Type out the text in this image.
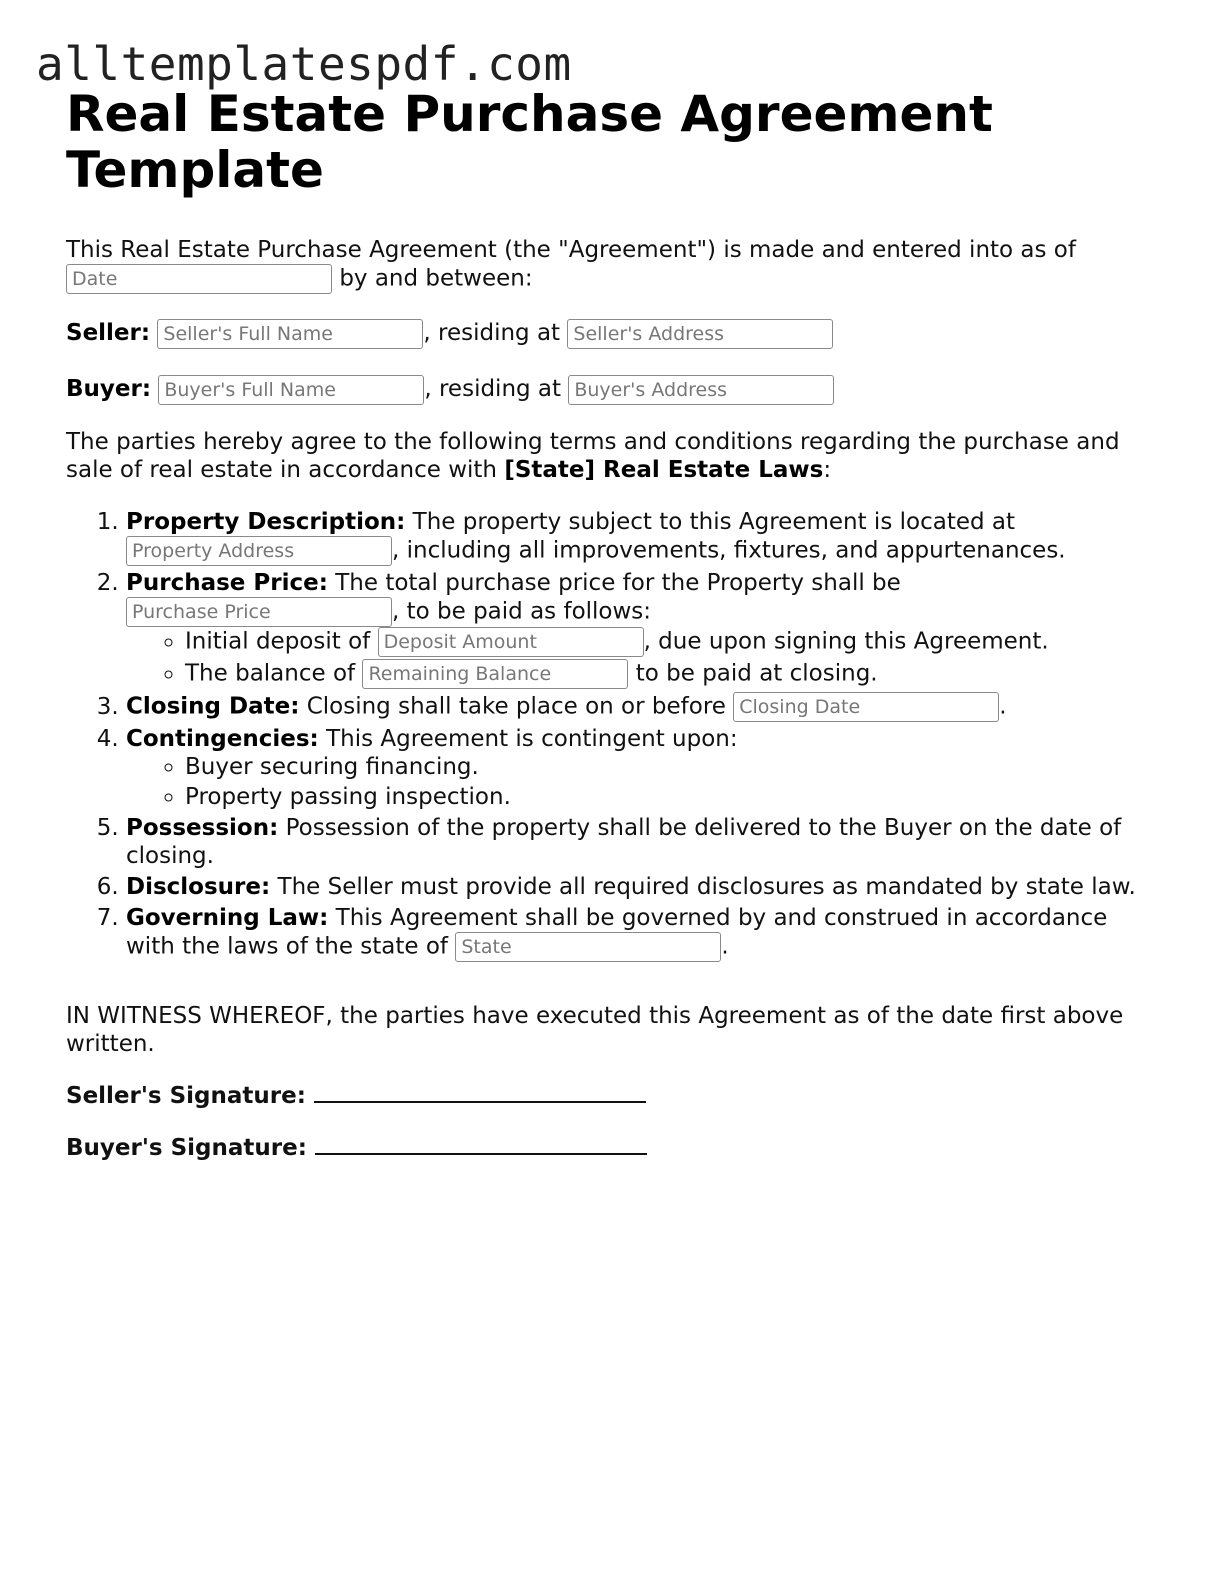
alltemplatespdf.com
Real Estate Purchase Agreement Template

This Real Estate Purchase Agreement (the "Agreement") is made and entered into as of Date by and between:

Seller: Seller's Full Name	, residing at Seller's Address

Buyer: Buyer's Full Name	, residing at Buyer's Address

The parties hereby agree to the following terms and conditions regarding the purchase and sale of real estate in accordance with [State] Real Estate Laws:

1. Property Description: The property subject to this Agreement is located at Property Address, including all improvements, fixtures, and appurtenances.
2. Purchase Price: The total purchase price for the Property shall be Purchase Price, to be paid as follows:
◦ Initial deposit of Deposit Amount	, due upon signing this Agreement.
◦ The balance of Remaining Balance	to be paid at closing.
3. Closing Date: Closing shall take place on or before Closing Date	.
4. Contingencies: This Agreement is contingent upon:
◦ Buyer securing financing.
◦ Property passing inspection.
5. Possession: Possession of the property shall be delivered to the Buyer on the date of closing.
6. Disclosure: The Seller must provide all required disclosures as mandated by state law.
7. Governing Law: This Agreement shall be governed by and construed in accordance with the laws of the state of State	.

IN WITNESS WHEREOF, the parties have executed this Agreement as of the date first above written.

Seller's Signature:

Buyer's Signature:
